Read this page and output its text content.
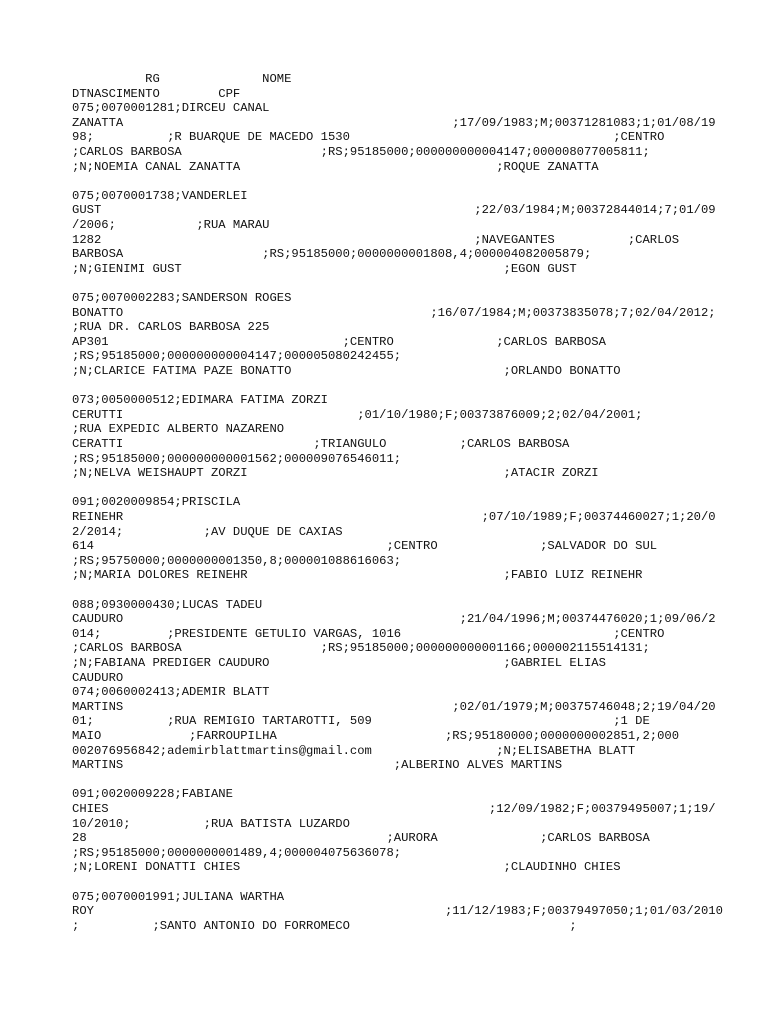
RG              NOME
DTNASCIMENTO        CPF
075;0070001281;DIRCEU CANAL
ZANATTA                                             ;17/09/1983;M;00371281083;1;01/08/19
98;          ;R BUARQUE DE MACEDO 1530                                    ;CENTRO
;CARLOS BARBOSA                   ;RS;95185000;000000000004147;000008077005811;
;N;NOEMIA CANAL ZANATTA                                   ;ROQUE ZANATTA
075;0070001738;VANDERLEI
GUST                                                   ;22/03/1984;M;00372844014;7;01/09
/2006;           ;RUA MARAU
1282                                                   ;NAVEGANTES          ;CARLOS
BARBOSA                   ;RS;95185000;0000000001808,4;000004082005879;
;N;GIENIMI GUST                                            ;EGON GUST
075;0070002283;SANDERSON ROGES
BONATTO                                          ;16/07/1984;M;00373835078;7;02/04/2012;
;RUA DR. CARLOS BARBOSA 225
AP301                                ;CENTRO              ;CARLOS BARBOSA
;RS;95185000;000000000004147;000005080242455;
;N;CLARICE FATIMA PAZE BONATTO                             ;ORLANDO BONATTO
073;0050000512;EDIMARA FATIMA ZORZI
CERUTTI                                ;01/10/1980;F;00373876009;2;02/04/2001;
;RUA EXPEDIC ALBERTO NAZARENO
CERATTI                          ;TRIANGULO          ;CARLOS BARBOSA
;RS;95185000;000000000001562;000009076546011;
;N;NELVA WEISHAUPT ZORZI                                   ;ATACIR ZORZI
091;0020009854;PRISCILA
REINEHR                                                 ;07/10/1989;F;00374460027;1;20/0
2/2014;           ;AV DUQUE DE CAXIAS
614                                        ;CENTRO              ;SALVADOR DO SUL
;RS;95750000;0000000001350,8;000001088616063;
;N;MARIA DOLORES REINEHR                                   ;FABIO LUIZ REINEHR
088;0930000430;LUCAS TADEU
CAUDURO                                              ;21/04/1996;M;00374476020;1;09/06/2
014;         ;PRESIDENTE GETULIO VARGAS, 1016                             ;CENTRO
;CARLOS BARBOSA                   ;RS;95185000;000000000001166;000002115514131;
;N;FABIANA PREDIGER CAUDURO                                ;GABRIEL ELIAS
CAUDURO
074;0060002413;ADEMIR BLATT
MARTINS                                             ;02/01/1979;M;00375746048;2;19/04/20
01;          ;RUA REMIGIO TARTAROTTI, 509                                 ;1 DE
MAIO            ;FARROUPILHA                       ;RS;95180000;0000000002851,2;000
002076956842;ademirblattmartins@gmail.com                 ;N;ELISABETHA BLATT
MARTINS                                     ;ALBERINO ALVES MARTINS
091;0020009228;FABIANE
CHIES                                                    ;12/09/1982;F;00379495007;1;19/
10/2010;          ;RUA BATISTA LUZARDO
28                                         ;AURORA              ;CARLOS BARBOSA
;RS;95185000;0000000001489,4;000004075636078;
;N;LORENI DONATTI CHIES                                    ;CLAUDINHO CHIES
075;0070001991;JULIANA WARTHA
ROY                                                ;11/12/1983;F;00379497050;1;01/03/2010
;          ;SANTO ANTONIO DO FORROMECO                              ;
